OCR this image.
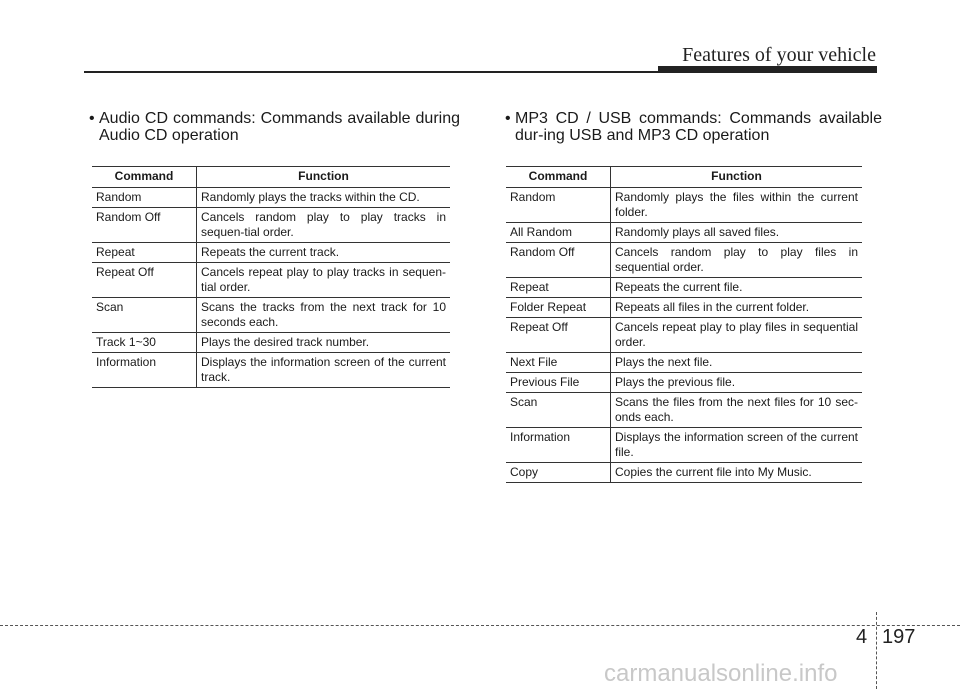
Features of your vehicle

• Audio CD commands: Commands available during Audio CD operation

Command	Function
Random	Randomly plays the tracks within the CD.
Random Off	Cancels random play to play tracks in sequen-tial order.
Repeat	Repeats the current track.
Repeat Off	Cancels repeat play to play tracks in sequen-tial order.
Scan	Scans the tracks from the next track for 10 seconds each.
Track 1~30	Plays the desired track number.
Information	Displays the information screen of the current track.

• MP3 CD / USB commands: Commands available dur-ing USB and MP3 CD operation

Command	Function
Random	Randomly plays the files within the current folder.
All Random	Randomly plays all saved files.
Random Off	Cancels random play to play files in sequential order.
Repeat	Repeats the current file.
Folder Repeat	Repeats all files in the current folder.
Repeat Off	Cancels repeat play to play files in sequential order.
Next File	Plays the next file.
Previous File	Plays the previous file.
Scan	Scans the files from the next files for 10 sec-onds each.
Information	Displays the information screen of the current file.
Copy	Copies the current file into My Music.
4 197
carmanualsonline.info
